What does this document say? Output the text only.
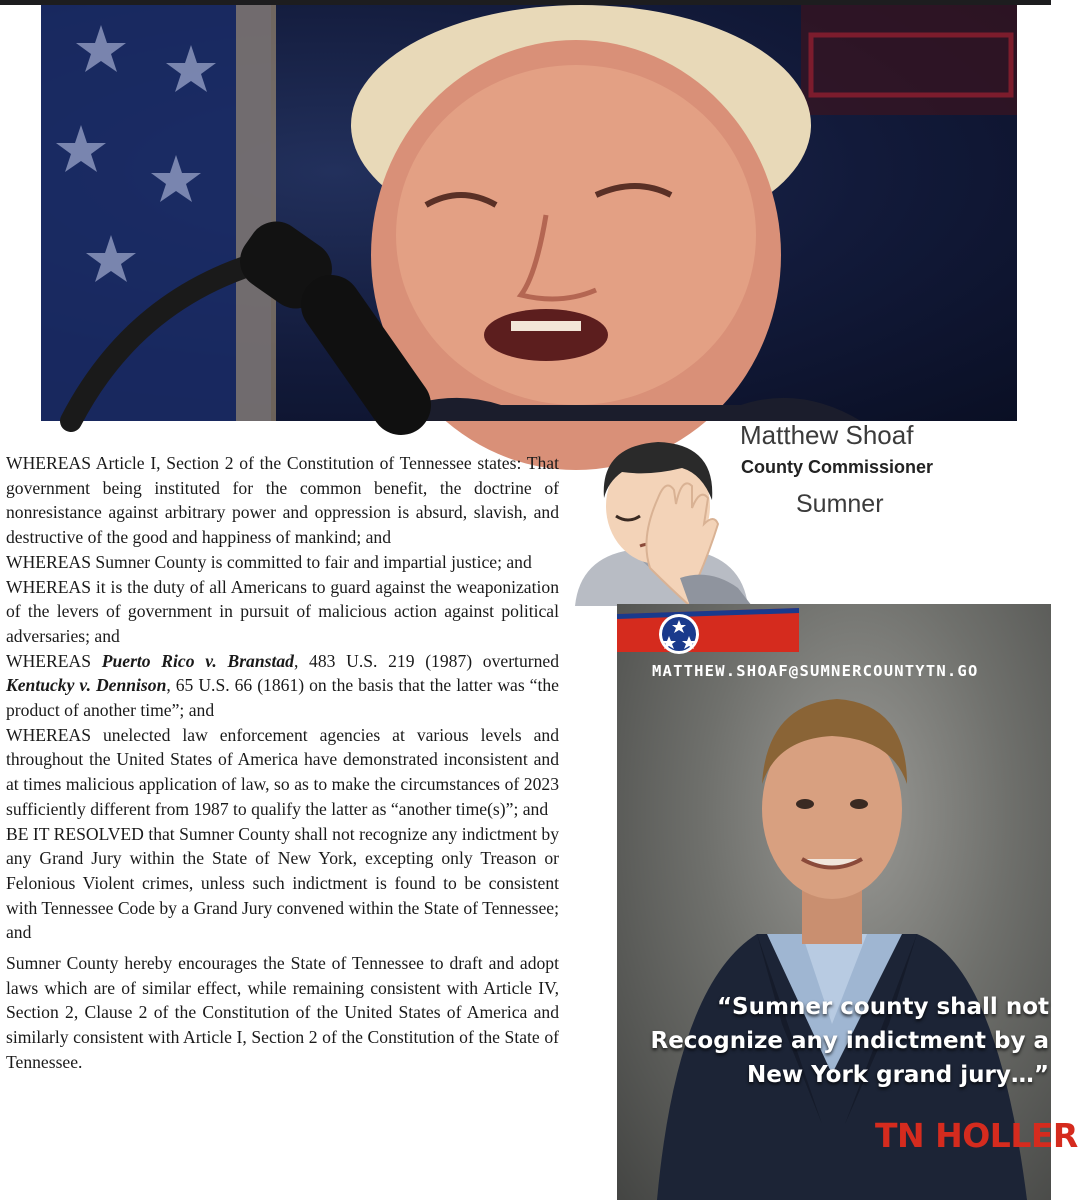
WHEREAS Article I, Section 2 of the Constitution of Tennessee states: That government being instituted for the common benefit, the doctrine of nonresistance against arbitrary power and oppression is absurd, slavish, and destructive of the good and happiness of mankind; and

WHEREAS Sumner County is committed to fair and impartial justice; and

WHEREAS it is the duty of all Americans to guard against the weaponization of the levers of government in pursuit of malicious action against political adversaries; and

WHEREAS Puerto Rico v. Branstad, 483 U.S. 219 (1987) overturned Kentucky v. Dennison, 65 U.S. 66 (1861) on the basis that the latter was “the product of another time”; and

WHEREAS unelected law enforcement agencies at various levels and throughout the United States of America have demonstrated inconsistent and at times malicious application of law, so as to make the circumstances of 2023 sufficiently different from 1987 to qualify the latter as “another time(s)”; and

BE IT RESOLVED that Sumner County shall not recognize any indictment by any Grand Jury within the State of New York, excepting only Treason or Felonious Violent crimes, unless such indictment is found to be consistent with Tennessee Code by a Grand Jury convened within the State of Tennessee; and

Sumner County hereby encourages the State of Tennessee to draft and adopt laws which are of similar effect, while remaining consistent with Article IV, Section 2, Clause 2 of the Constitution of the United States of America and similarly consistent with Article I, Section 2 of the Constitution of the State of Tennessee.

Matthew Shoaf
County Commissioner
Sumner
MATTHEW.SHOAF@SUMNERCOUNTYTN.GO
“Sumner county shall not
Recognize any indictment by a
New York grand jury…”
TN HOLLER
